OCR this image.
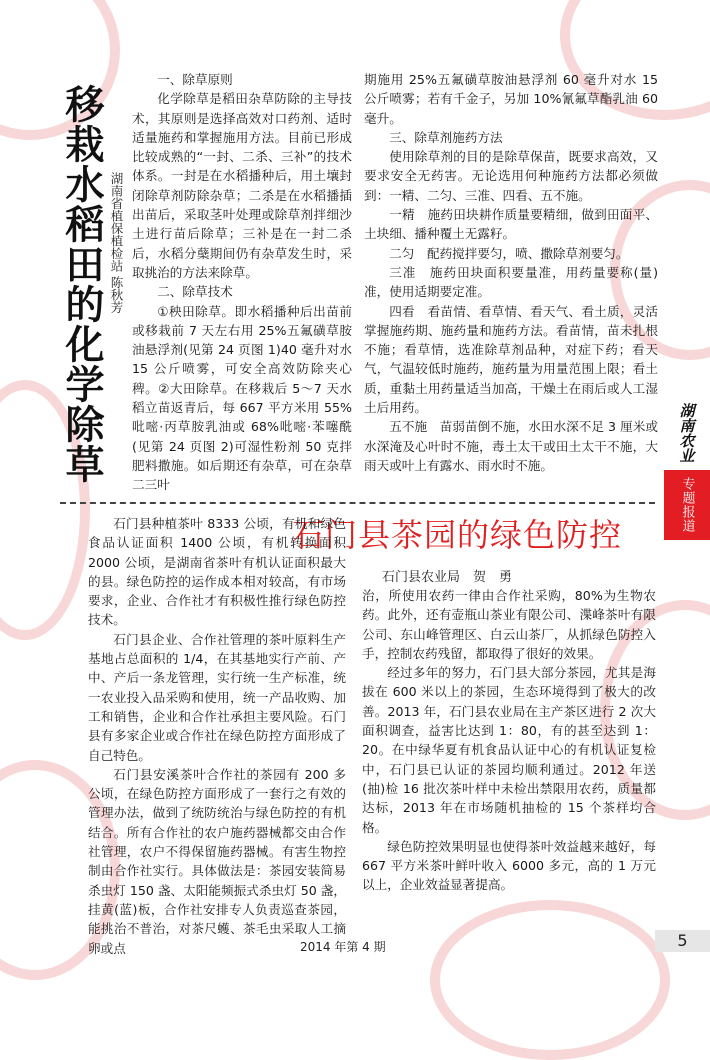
移栽水稻田的化学除草 湖南省植保植检站 陈秋芳

一、除草原则

化学除草是稻田杂草防除的主导技术，其原则是选择高效对口药剂、适时适量施药和掌握施用方法。目前已形成比较成熟的“一封、二杀、三补”的技术体系。一封是在水稻播种后，用土壤封闭除草剂防除杂草；二杀是在水稻播插出苗后，采取茎叶处理或除草剂拌细沙土进行苗后除草；三补是在一封二杀后，水稻分蘖期间仍有杂草发生时，采取挑治的方法来除草。

二、除草技术

①秧田除草。即水稻播种后出苗前或移栽前 7 天左右用 25%五氟磺草胺油悬浮剂(见第 24 页图 1)40 毫升对水 15 公斤喷雾，可安全高效防除夹心稗。②大田除草。在移栽后 5～7 天水稻立苗返青后，每 667 平方米用 55%吡嘧·丙草胺乳油或 68%吡嘧·苯噻酰(见第 24 页图 2)可湿性粉剂 50 克拌肥料撒施。如后期还有杂草，可在杂草二三叶

期施用 25%五氟磺草胺油悬浮剂 60 毫升对水 15 公斤喷雾；若有千金子，另加 10%氰氟草酯乳油 60 毫升。

三、除草剂施药方法

使用除草剂的目的是除草保苗，既要求高效，又要求安全无药害。无论选用何种施药方法都必须做到：一精、二匀、三准、四看、五不施。

一精　施药田块耕作质量要精细，做到田面平、土块细、播种覆土无露籽。

二匀　配药搅拌要匀，喷、撒除草剂要匀。

三准　施药田块面积要量准，用药量要称(量)准，使用适期要定准。

四看　看苗情、看草情、看天气、看土质，灵活掌握施药期、施药量和施药方法。看苗情，苗未扎根不施；看草情，选准除草剂品种，对症下药；看天气，气温较低时施药，施药量为用量范围上限；看土质，重黏土用药量适当加高，干燥土在雨后或人工湿土后用药。

五不施　苗弱苗倒不施，水田水深不足 3 厘米或水深淹及心叶时不施，毒土太干或田土太干不施，大雨天或叶上有露水、雨水时不施。

石门县茶园的绿色防控
石门县农业局　贺　勇

石门县种植茶叶 8333 公顷，有机和绿色食品认证面积 1400 公顷，有机转换面积 2000 公顷，是湖南省茶叶有机认证面积最大的县。绿色防控的运作成本相对较高，有市场要求，企业、合作社才有积极性推行绿色防控技术。

石门县企业、合作社管理的茶叶原料生产基地占总面积的 1/4，在其基地实行产前、产中、产后一条龙管理，实行统一生产标准，统一农业投入品采购和使用，统一产品收购、加工和销售，企业和合作社承担主要风险。石门县有多家企业或合作社在绿色防控方面形成了自己特色。

石门县安溪茶叶合作社的茶园有 200 多公顷，在绿色防控方面形成了一套行之有效的管理办法，做到了统防统治与绿色防控的有机结合。所有合作社的农户施药器械都交由合作社管理，农户不得保留施药器械。有害生物控制由合作社实行。具体做法是：茶园安装简易杀虫灯 150 盏、太阳能频振式杀虫灯 50 盏，挂黄(蓝)板，合作社安排专人负责巡查茶园，能挑治不普治，对茶尺蠖、茶毛虫采取人工摘卵或点

治，所使用农药一律由合作社采购，80%为生物农药。此外，还有壶瓶山茶业有限公司、渫峰茶叶有限公司、东山峰管理区、白云山茶厂，从抓绿色防控入手，控制农药残留，都取得了很好的效果。

经过多年的努力，石门县大部分茶园，尤其是海拔在 600 米以上的茶园，生态环境得到了极大的改善。2013 年，石门县农业局在主产茶区进行 2 次大面积调查，益害比达到 1：80，有的甚至达到 1：20。在中绿华夏有机食品认证中心的有机认证复检中，石门县已认证的茶园均顺利通过。2012 年送(抽)检 16 批次茶叶样中未检出禁限用农药，质量都达标，2013 年在市场随机抽检的 15 个茶样均合格。

绿色防控效果明显也使得茶叶效益越来越好，每 667 平方米茶叶鲜叶收入 6000 多元，高的 1 万元以上，企业效益显著提高。

湖南农业
专题报道
2014 年第 4 期	5
